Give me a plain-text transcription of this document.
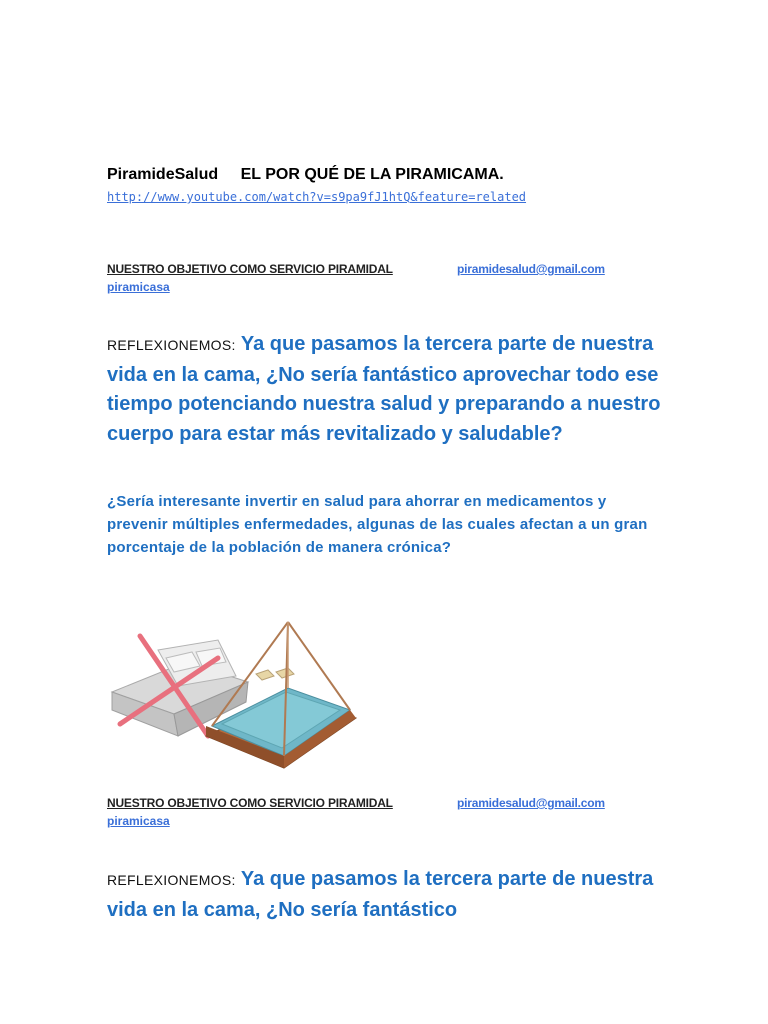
PiramideSalud EL POR QUÉ DE LA PIRAMICAMA.
http://www.youtube.com/watch?v=s9pa9fJ1htQ&feature=related
NUESTRO OBJETIVO COMO SERVICIO PIRAMIDAL	piramidesalud@gmail.com
piramicasa
REFLEXIONEMOS: Ya que pasamos la tercera parte de nuestra vida en la cama, ¿No sería fantástico aprovechar todo ese tiempo potenciando nuestra salud y preparando a nuestro cuerpo para estar más revitalizado y saludable?
¿Sería interesante invertir en salud para ahorrar en medicamentos y prevenir múltiples enfermedades, algunas de las cuales afectan a un gran porcentaje de la población de manera crónica?
NUESTRO OBJETIVO COMO SERVICIO PIRAMIDAL	piramidesalud@gmail.com
piramicasa
REFLEXIONEMOS: Ya que pasamos la tercera parte de nuestra vida en la cama, ¿No sería fantástico
